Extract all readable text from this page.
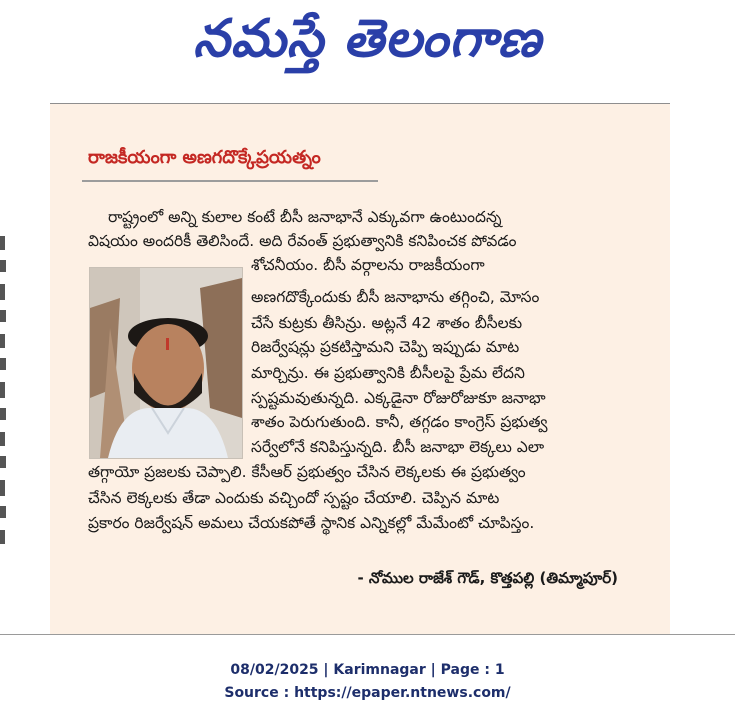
నమస్తే తెలంగాణ
రాజకీయంగా అణగదొక్కేప్రయత్నం
రాష్ట్రంలో అన్ని కులాల కంటే బీసీ జనాభానే ఎక్కువగా ఉంటుందన్న
విషయం అందరికీ తెలిసిందే. అది రేవంత్ ప్రభుత్వానికి కనిపించక పోవడం
శోచనీయం. బీసీ వర్గాలను రాజకీయంగా
అణగదొక్కేందుకు బీసీ జనాభాను తగ్గించి, మోసం
చేసే కుట్రకు తీసిన్రు. అట్లనే 42 శాతం బీసీలకు
రిజర్వేషన్లు ప్రకటిస్తామని చెప్పి ఇప్పుడు మాట
మార్చిన్రు. ఈ ప్రభుత్వానికి బీసీలపై ప్రేమ లేదని
స్పష్టమవుతున్నది. ఎక్కడైనా రోజురోజుకూ జనాభా
శాతం పెరుగుతుంది. కానీ, తగ్గడం కాంగ్రెస్ ప్రభుత్వ
సర్వేలోనే కనిపిస్తున్నది. బీసీ జనాభా లెక్కలు ఎలా
తగ్గాయో ప్రజలకు చెప్పాలి. కేసీఆర్ ప్రభుత్వం చేసిన లెక్కలకు ఈ ప్రభుత్వం
చేసిన లెక్కలకు తేడా ఎందుకు వచ్చిందో స్పష్టం చేయాలి. చెప్పిన మాట
ప్రకారం రిజర్వేషన్ అమలు చేయకపోతే స్థానిక ఎన్నికల్లో మేమేంటో చూపిస్తం.
- నోముల రాజేశ్ గౌడ్, కొత్తపల్లి (తిమ్మాపూర్)
08/02/2025 | Karimnagar | Page : 1
Source : https://epaper.ntnews.com/
